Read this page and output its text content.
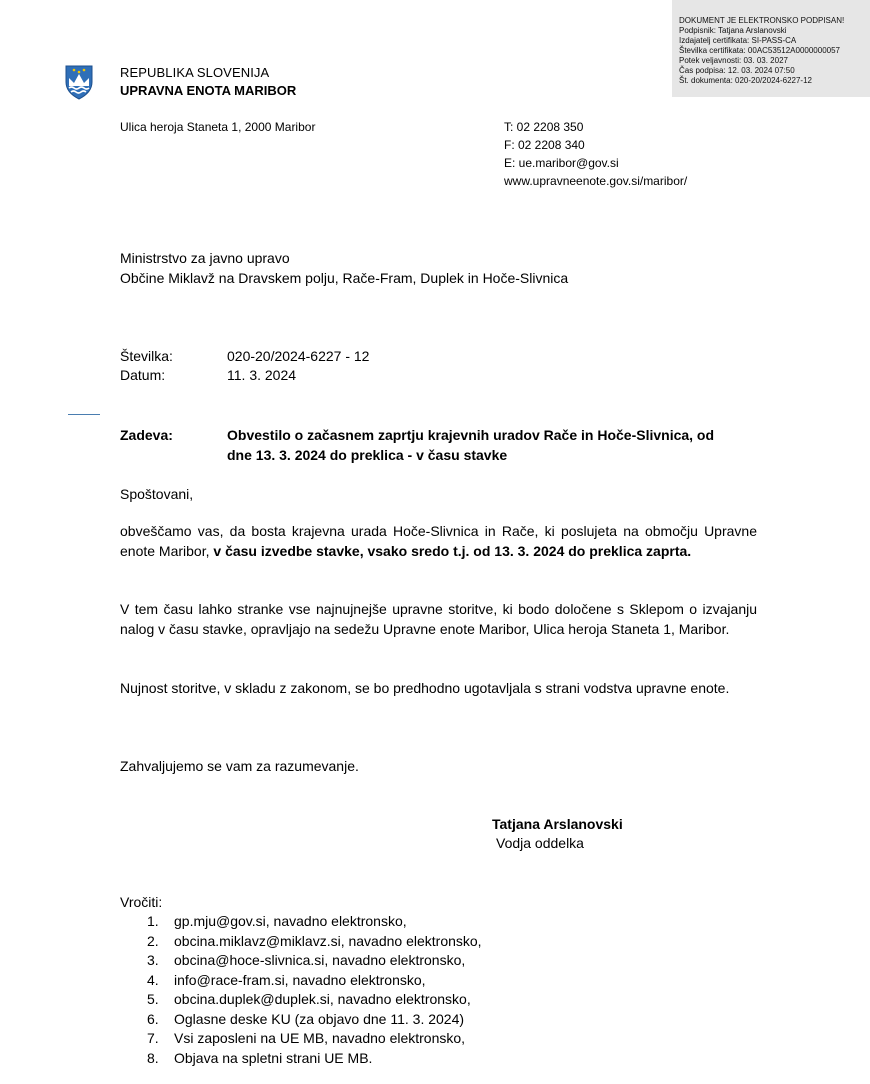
DOKUMENT JE ELEKTRONSKO PODPISAN!
Podpisnik: Tatjana Arslanovski
Izdajatelj certifikata: SI-PASS-CA
Številka certifikata: 00AC53512A0000000057
Potek veljavnosti: 03. 03. 2027
Čas podpisa: 12. 03. 2024 07:50
Št. dokumenta: 020-20/2024-6227-12
REPUBLIKA SLOVENIJA
UPRAVNA ENOTA MARIBOR
Ulica heroja Staneta 1, 2000 Maribor	T: 02 2208 350
F: 02 2208 340
E: ue.maribor@gov.si
www.upravneenote.gov.si/maribor/
Ministrstvo za javno upravo
Občine Miklavž na Dravskem polju, Rače-Fram, Duplek in Hoče-Slivnica
Številka:	020-20/2024-6227 - 12
Datum:	11. 3. 2024
Zadeva:	Obvestilo o začasnem zaprtju krajevnih uradov Rače in Hoče-Slivnica, od
dne 13. 3. 2024 do preklica - v času stavke
Spoštovani,
obveščamo vas, da bosta krajevna urada Hoče-Slivnica in Rače, ki poslujeta na območju Upravne enote Maribor, v času izvedbe stavke, vsako sredo t.j. od 13. 3. 2024 do preklica zaprta.
V tem času lahko stranke vse najnujnejše upravne storitve, ki bodo določene s Sklepom o izvajanju nalog v času stavke, opravljajo na sedežu Upravne enote Maribor, Ulica heroja Staneta 1, Maribor.
Nujnost storitve, v skladu z zakonom, se bo predhodno ugotavljala s strani vodstva upravne enote.
Zahvaljujemo se vam za razumevanje.
Tatjana Arslanovski
Vodja oddelka
Vročiti:
1. gp.mju@gov.si, navadno elektronsko,
2. obcina.miklavz@miklavz.si, navadno elektronsko,
3. obcina@hoce-slivnica.si, navadno elektronsko,
4. info@race-fram.si, navadno elektronsko,
5. obcina.duplek@duplek.si, navadno elektronsko,
6. Oglasne deske KU (za objavo dne 11. 3. 2024)
7. Vsi zaposleni na UE MB, navadno elektronsko,
8. Objava na spletni strani UE MB.
